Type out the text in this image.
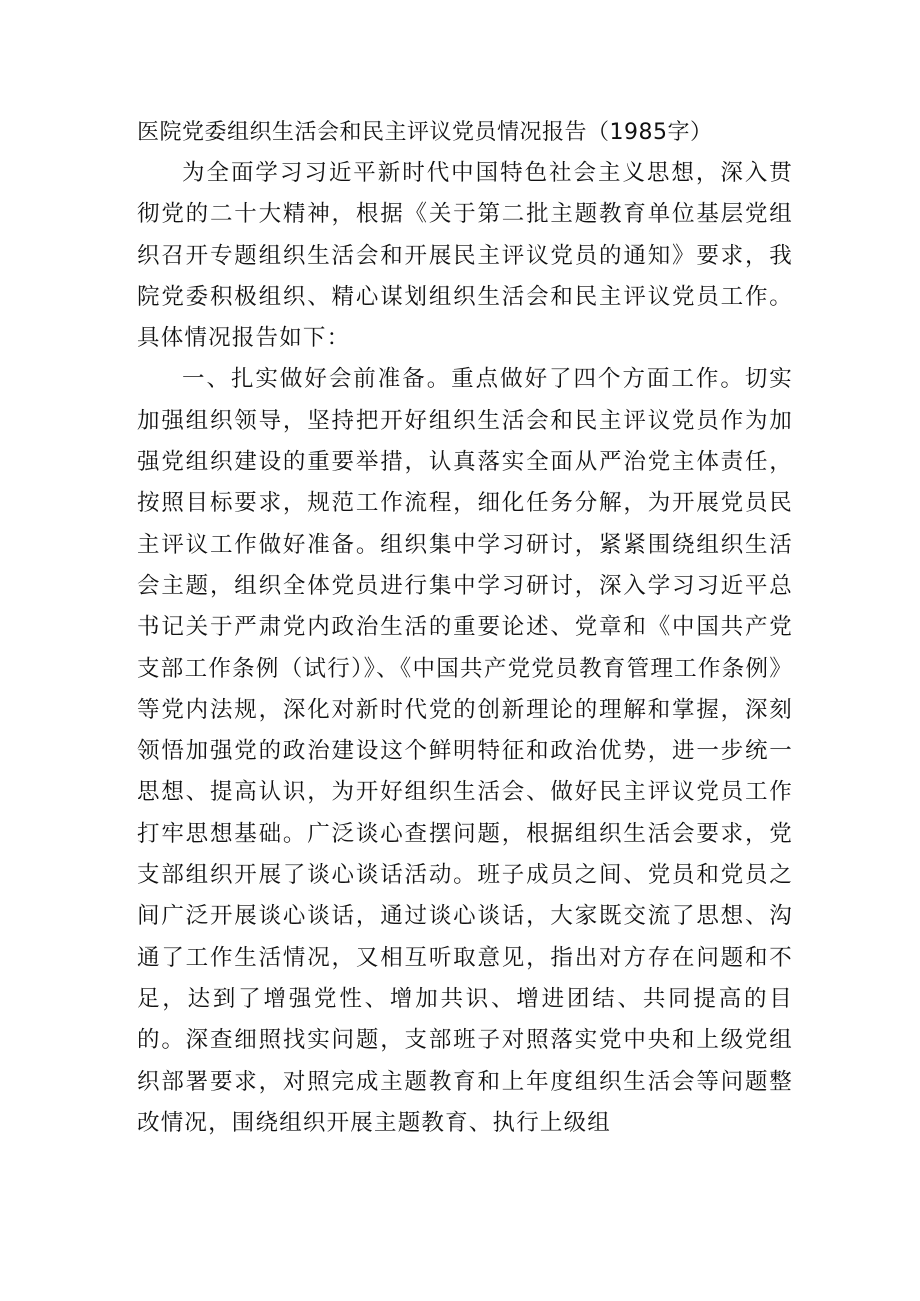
医院党委组织生活会和民主评议党员情况报告（1985字）

为全面学习习近平新时代中国特色社会主义思想，深入贯彻党的二十大精神，根据《关于第二批主题教育单位基层党组织召开专题组织生活会和开展民主评议党员的通知》要求，我院党委积极组织、精心谋划组织生活会和民主评议党员工作。具体情况报告如下：

一、扎实做好会前准备。重点做好了四个方面工作。切实加强组织领导，坚持把开好组织生活会和民主评议党员作为加强党组织建设的重要举措，认真落实全面从严治党主体责任，按照目标要求，规范工作流程，细化任务分解，为开展党员民主评议工作做好准备。组织集中学习研讨，紧紧围绕组织生活会主题，组织全体党员进行集中学习研讨，深入学习习近平总书记关于严肃党内政治生活的重要论述、党章和《中国共产党支部工作条例（试行）》、《中国共产党党员教育管理工作条例》等党内法规，深化对新时代党的创新理论的理解和掌握，深刻领悟加强党的政治建设这个鲜明特征和政治优势，进一步统一思想、提高认识，为开好组织生活会、做好民主评议党员工作打牢思想基础。广泛谈心查摆问题，根据组织生活会要求，党支部组织开展了谈心谈话活动。班子成员之间、党员和党员之间广泛开展谈心谈话，通过谈心谈话，大家既交流了思想、沟通了工作生活情况，又相互听取意见，指出对方存在问题和不足，达到了增强党性、增加共识、增进团结、共同提高的目的。深查细照找实问题，支部班子对照落实党中央和上级党组织部署要求，对照完成主题教育和上年度组织生活会等问题整改情况，围绕组织开展主题教育、执行上级组
